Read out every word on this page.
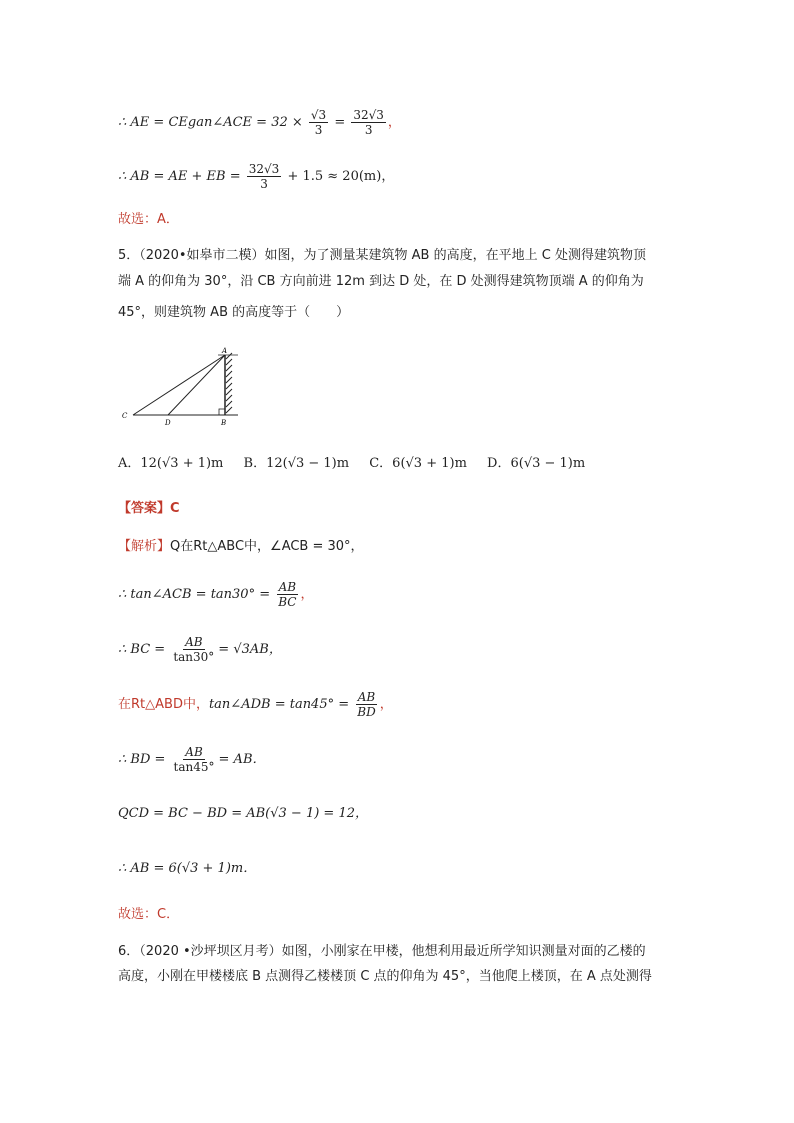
∴ AE = CEgan∠ACE = $32 \times \frac{√3}{3} = \frac{32√3}{3}$ ，
∴ AB = AE + EB = $\frac{32√3}{3} + 1.5 \approx 20(m)$，
故选：A．
5．（2020•如皋市二模）如图，为了测量某建筑物 AB 的高度，在平地上 C 处测得建筑物顶
端 A 的仰角为 30°，沿 CB 方向前进 12m 到达 D 处，在 D 处测得建筑物顶端 A 的仰角为
45°，则建筑物 AB 的高度等于（　　）
A
C
D	B
A．12(√3 + 1)m B．12(√3 − 1)m C．6(√3 + 1)m D．6(√3 − 1)m
【答案】C
【解析】Q在Rt△ABC中，∠ACB = 30°，
∴ tan∠ACB = $\tan 30^\circ = \frac{AB}{BC}$ ，
∴ BC = $\frac{AB}{\tan 30^\circ} = √3AB$，
在Rt△ABD中，tan∠ADB = $\tan 45^\circ = \frac{AB}{BD}$ ，
∴ BD = $\frac{AB}{\tan 45^\circ}$ = AB．
QCD = BC − BD = AB(√3 − 1) = 12，
∴ AB = 6(√3 + 1)m．
故选：C．
6．（2020 •沙坪坝区月考）如图，小刚家在甲楼，他想利用最近所学知识测量对面的乙楼的
高度，小刚在甲楼楼底 B 点测得乙楼楼顶 C 点的仰角为 45°，当他爬上楼顶，在 A 点处测得
